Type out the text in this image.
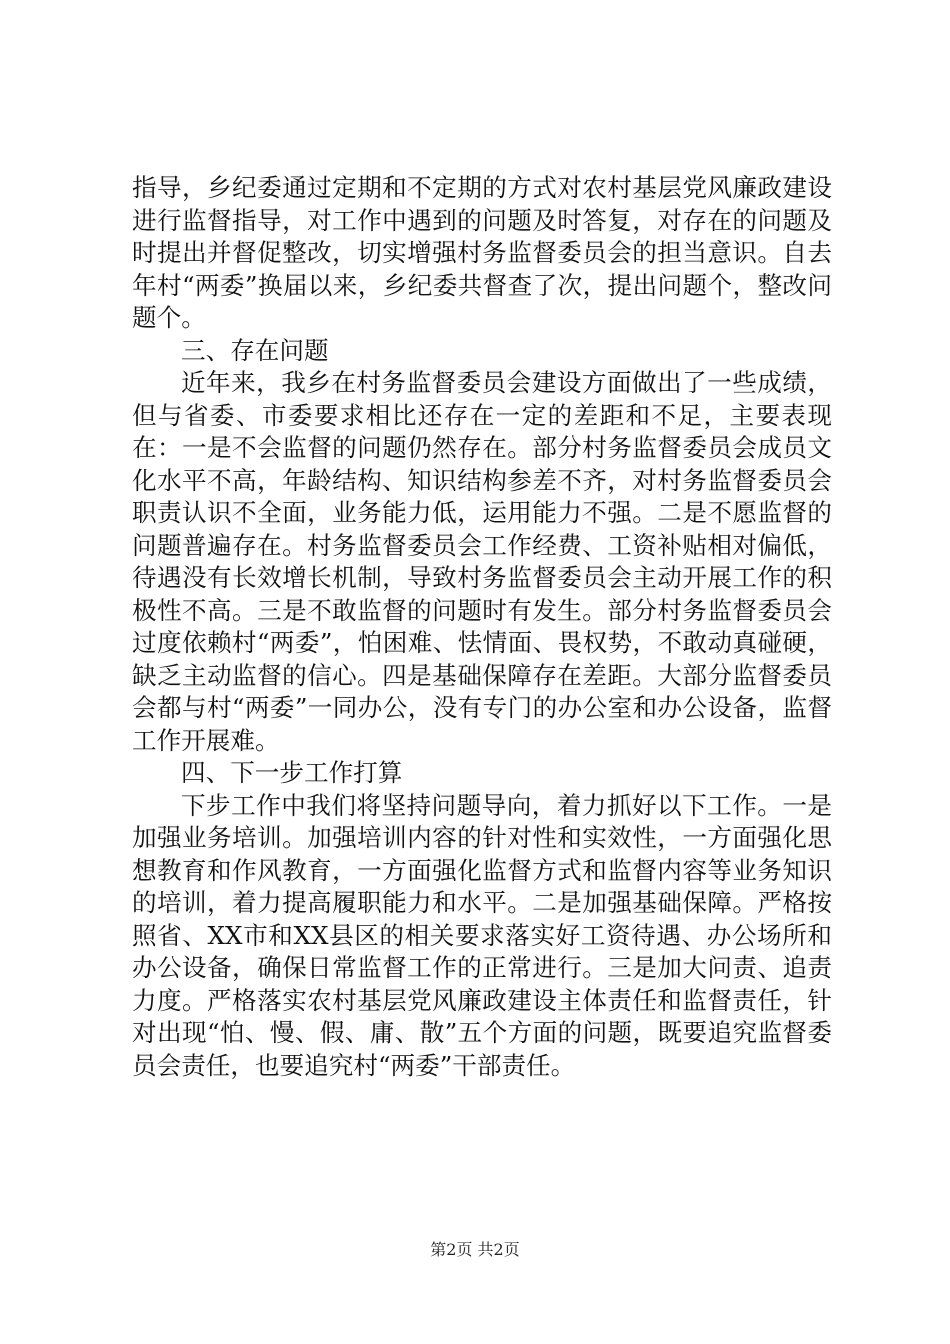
指导，乡纪委通过定期和不定期的方式对农村基层党风廉政建设进行监督指导，对工作中遇到的问题及时答复，对存在的问题及时提出并督促整改，切实增强村务监督委员会的担当意识。自去年村“两委”换届以来，乡纪委共督查了次，提出问题个，整改问题个。

三、存在问题

近年来，我乡在村务监督委员会建设方面做出了一些成绩，但与省委、市委要求相比还存在一定的差距和不足，主要表现在：一是不会监督的问题仍然存在。部分村务监督委员会成员文化水平不高，年龄结构、知识结构参差不齐，对村务监督委员会职责认识不全面，业务能力低，运用能力不强。二是不愿监督的问题普遍存在。村务监督委员会工作经费、工资补贴相对偏低，待遇没有长效增长机制，导致村务监督委员会主动开展工作的积极性不高。三是不敢监督的问题时有发生。部分村务监督委员会过度依赖村“两委”，怕困难、怯情面、畏权势，不敢动真碰硬，缺乏主动监督的信心。四是基础保障存在差距。大部分监督委员会都与村“两委”一同办公，没有专门的办公室和办公设备，监督工作开展难。

四、下一步工作打算

下步工作中我们将坚持问题导向，着力抓好以下工作。一是加强业务培训。加强培训内容的针对性和实效性，一方面强化思想教育和作风教育，一方面强化监督方式和监督内容等业务知识的培训，着力提高履职能力和水平。二是加强基础保障。严格按照省、XX市和XX县区的相关要求落实好工资待遇、办公场所和办公设备，确保日常监督工作的正常进行。三是加大问责、追责力度。严格落实农村基层党风廉政建设主体责任和监督责任，针对出现“怕、慢、假、庸、散”五个方面的问题，既要追究监督委员会责任，也要追究村“两委”干部责任。

第2页 共2页
